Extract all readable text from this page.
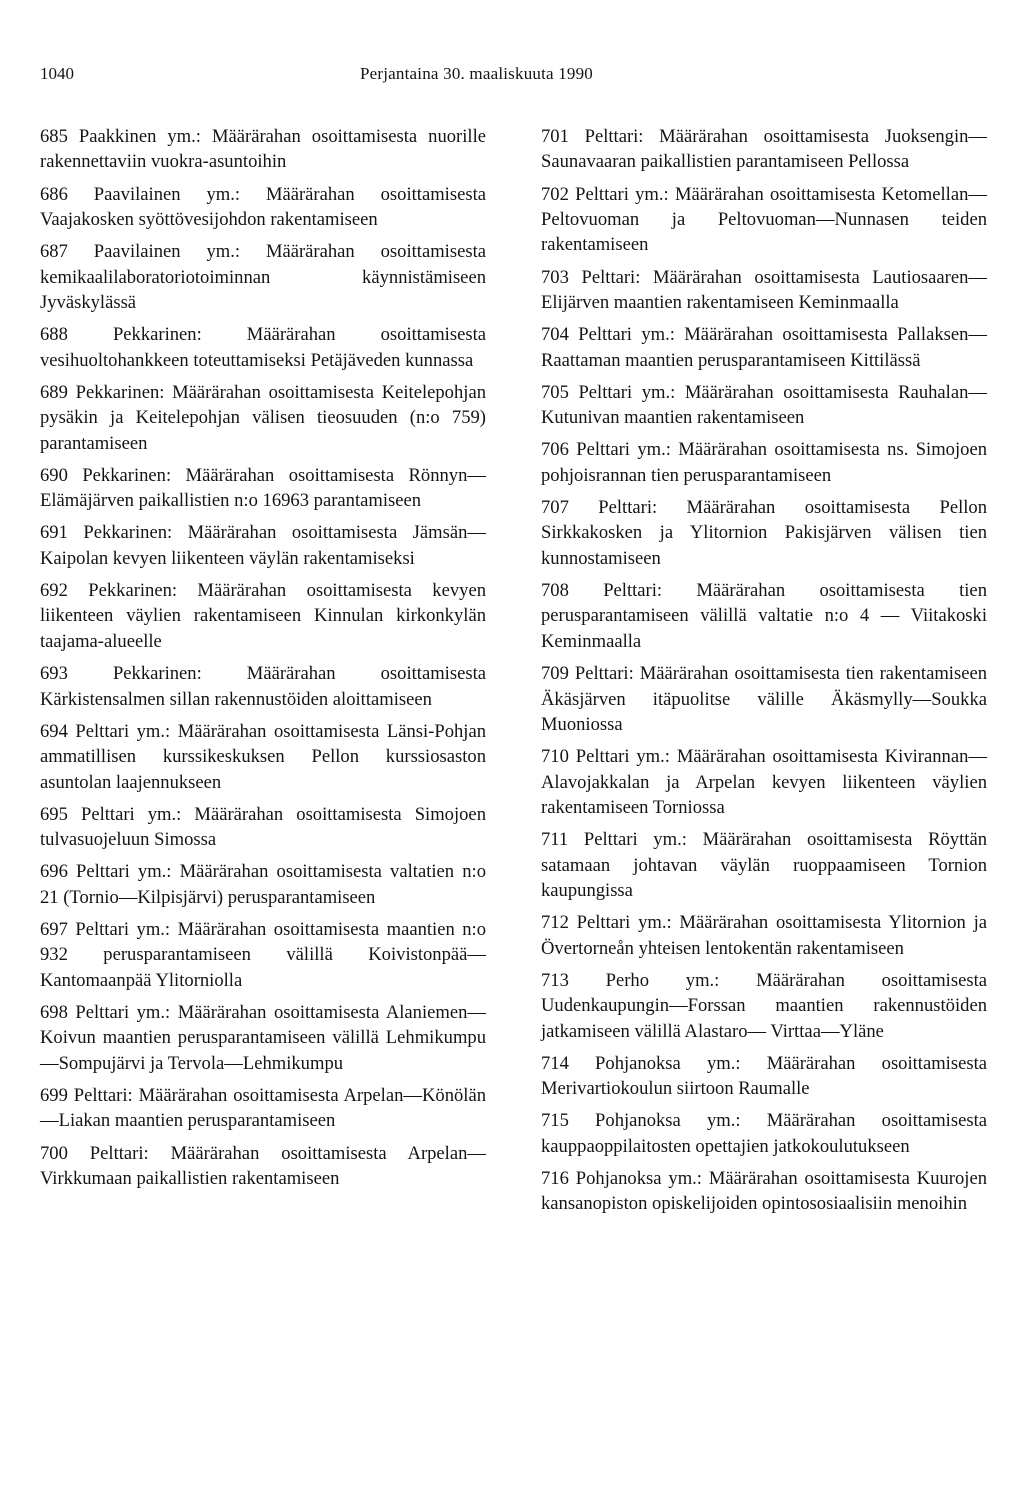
1040	Perjantaina 30. maaliskuuta 1990

685 Paakkinen ym.: Määrärahan osoittamisesta nuorille rakennettaviin vuokra-asuntoihin

686 Paavilainen ym.: Määrärahan osoittamisesta Vaajakosken syöttövesijohdon rakentamiseen

687 Paavilainen ym.: Määrärahan osoittamisesta kemikaalilaboratoriotoiminnan käynnistämiseen Jyväskylässä

688 Pekkarinen: Määrärahan osoittamisesta vesihuoltohankkeen toteuttamiseksi Petäjäveden kunnassa

689 Pekkarinen: Määrärahan osoittamisesta Keitelepohjan pysäkin ja Keitelepohjan välisen tieosuuden (n:o 759) parantamiseen

690 Pekkarinen: Määrärahan osoittamisesta Rönnyn—Elämäjärven paikallistien n:o 16963 parantamiseen

691 Pekkarinen: Määrärahan osoittamisesta Jämsän—Kaipolan kevyen liikenteen väylän rakentamiseksi

692 Pekkarinen: Määrärahan osoittamisesta kevyen liikenteen väylien rakentamiseen Kinnulan kirkonkylän taajama-alueelle

693 Pekkarinen: Määrärahan osoittamisesta Kärkistensalmen sillan rakennustöiden aloittamiseen

694 Pelttari ym.: Määrärahan osoittamisesta Länsi-Pohjan ammatillisen kurssikeskuksen Pellon kurssiosaston asuntolan laajennukseen

695 Pelttari ym.: Määrärahan osoittamisesta Simojoen tulvasuojeluun Simossa

696 Pelttari ym.: Määrärahan osoittamisesta valtatien n:o 21 (Tornio—Kilpisjärvi) perusparantamiseen

697 Pelttari ym.: Määrärahan osoittamisesta maantien n:o 932 perusparantamiseen välillä Koivistonpää—Kantomaanpää Ylitorniolla

698 Pelttari ym.: Määrärahan osoittamisesta Alaniemen—Koivun maantien perusparantamiseen välillä Lehmikumpu—Sompujärvi ja Tervola—Lehmikumpu

699 Pelttari: Määrärahan osoittamisesta Arpelan—Könölän—Liakan maantien perusparantamiseen

700 Pelttari: Määrärahan osoittamisesta Arpelan—Virkkumaan paikallistien rakentamiseen

701 Pelttari: Määrärahan osoittamisesta Juoksengin—Saunavaaran paikallistien parantamiseen Pellossa

702 Pelttari ym.: Määrärahan osoittamisesta Ketomellan—Peltovuoman ja Peltovuoman—Nunnasen teiden rakentamiseen

703 Pelttari: Määrärahan osoittamisesta Lautiosaaren—Elijärven maantien rakentamiseen Keminmaalla

704 Pelttari ym.: Määrärahan osoittamisesta Pallaksen—Raattaman maantien perusparantamiseen Kittilässä

705 Pelttari ym.: Määrärahan osoittamisesta Rauhalan—Kutunivan maantien rakentamiseen

706 Pelttari ym.: Määrärahan osoittamisesta ns. Simojoen pohjoisrannan tien perusparantamiseen

707 Pelttari: Määrärahan osoittamisesta Pellon Sirkkakosken ja Ylitornion Pakisjärven välisen tien kunnostamiseen

708 Pelttari: Määrärahan osoittamisesta tien perusparantamiseen välillä valtatie n:o 4 — Viitakoski Keminmaalla

709 Pelttari: Määrärahan osoittamisesta tien rakentamiseen Äkäsjärven itäpuolitse välille Äkäsmylly—Soukka Muoniossa

710 Pelttari ym.: Määrärahan osoittamisesta Kivirannan—Alavojakkalan ja Arpelan kevyen liikenteen väylien rakentamiseen Torniossa

711 Pelttari ym.: Määrärahan osoittamisesta Röyttän satamaan johtavan väylän ruoppaamiseen Tornion kaupungissa

712 Pelttari ym.: Määrärahan osoittamisesta Ylitornion ja Övertorneån yhteisen lentokentän rakentamiseen

713 Perho ym.: Määrärahan osoittamisesta Uudenkaupungin—Forssan maantien rakennustöiden jatkamiseen välillä Alastaro— Virttaa—Yläne

714 Pohjanoksa ym.: Määrärahan osoittamisesta Merivartiokoulun siirtoon Raumalle

715 Pohjanoksa ym.: Määrärahan osoittamisesta kauppaoppilaitosten opettajien jatkokoulutukseen

716 Pohjanoksa ym.: Määrärahan osoittamisesta Kuurojen kansanopiston opiskelijoiden opintososiaalisiin menoihin
